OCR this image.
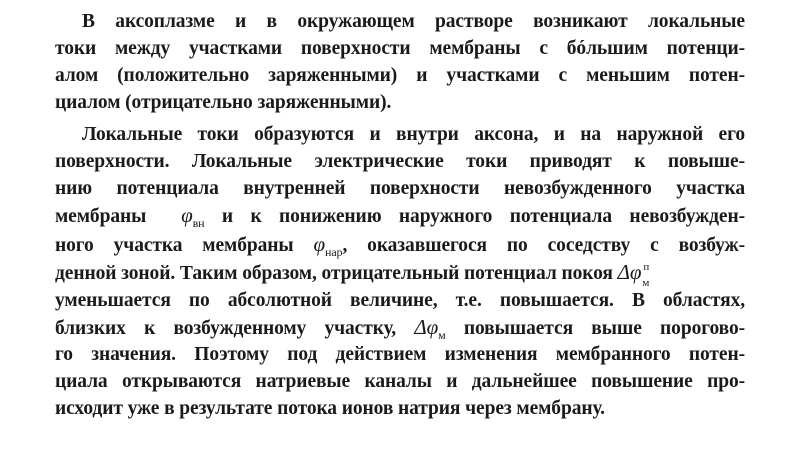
В аксоплазме и в окружающем растворе возникают локальные
токи между участками поверхности мембраны с бóльшим потенци-
алом (положительно заряженными) и участками с меньшим потен-
циалом (отрицательно заряженными).
Локальные токи образуются и внутри аксона, и на наружной его
поверхности. Локальные электрические токи приводят к повыше-
нию потенциала внутренней поверхности невозбужденного участка
мембраны $\varphi_{вн}$ и к понижению наружного потенциала невозбужден-
ного участка мембраны $\varphi_{нар}$, оказавшегося по соседству с возбуж-
денной зоной. Таким образом, отрицательный потенциал покоя Δφ п
м
уменьшается по абсолютной величине, т.е. повышается. В областях,
близких к возбужденному участку, $\Delta\varphi_м$ повышается выше порогово-
го значения. Поэтому под действием изменения мембранного потен-
циала открываются натриевые каналы и дальнейшее повышение про-
исходит уже в результате потока ионов натрия через мембрану.
